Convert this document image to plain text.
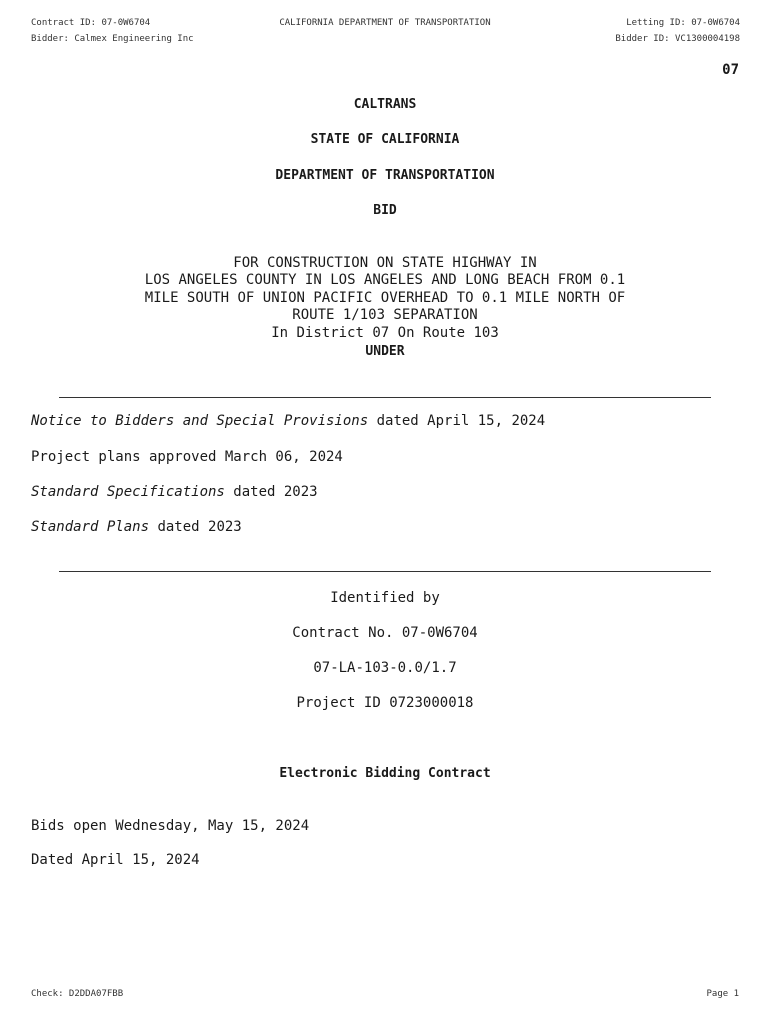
Contract ID: 07-0W6704	CALIFORNIA DEPARTMENT OF TRANSPORTATION	Letting ID: 07-0W6704
Bidder: Calmex Engineering Inc	Bidder ID: VC1300004198
07
CALTRANS
STATE OF CALIFORNIA
DEPARTMENT OF TRANSPORTATION
BID

FOR CONSTRUCTION ON STATE HIGHWAY IN
LOS ANGELES COUNTY IN LOS ANGELES AND LONG BEACH FROM 0.1
MILE SOUTH OF UNION PACIFIC OVERHEAD TO 0.1 MILE NORTH OF
ROUTE 1/103 SEPARATION
In District 07 On Route 103
UNDER
Notice to Bidders and Special Provisions dated April 15, 2024
Project plans approved March 06, 2024
Standard Specifications dated 2023
Standard Plans dated 2023
Identified by
Contract No. 07-0W6704
07-LA-103-0.0/1.7
Project ID 0723000018
Electronic Bidding Contract
Bids open Wednesday, May 15, 2024
Dated April 15, 2024
Check: D2DDA07FBB	Page 1
